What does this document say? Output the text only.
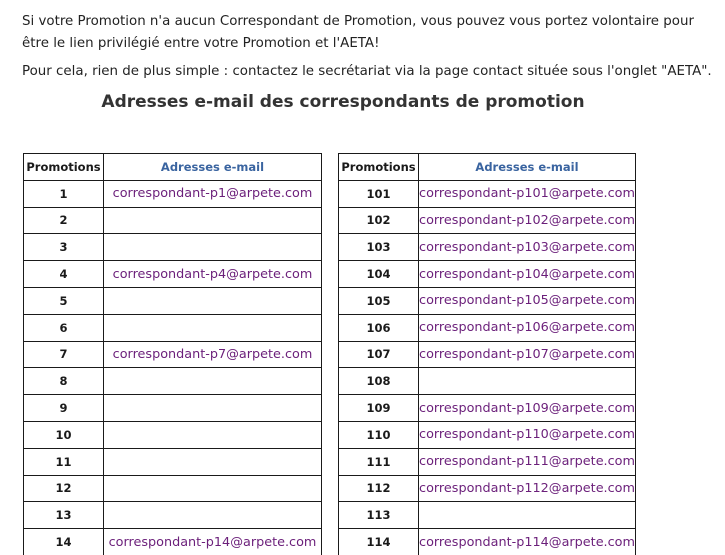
Si votre Promotion n'a aucun Correspondant de Promotion, vous pouvez vous portez volontaire pour être le lien privilégié entre votre Promotion et l'AETA!

Pour cela, rien de plus simple : contactez le secrétariat via la page contact située sous l'onglet "AETA".

Adresses e-mail des correspondants de promotion
Promotions	Adresses e-mail
1	correspondant-p1@arpete.com
2	
3	
4	correspondant-p4@arpete.com
5	
6	
7	correspondant-p7@arpete.com
8	
9	
10	
11	
12	
13	
14	correspondant-p14@arpete.com
Promotions	Adresses e-mail
101	correspondant-p101@arpete.com
102	correspondant-p102@arpete.com
103	correspondant-p103@arpete.com
104	correspondant-p104@arpete.com
105	correspondant-p105@arpete.com
106	correspondant-p106@arpete.com
107	correspondant-p107@arpete.com
108	
109	correspondant-p109@arpete.com
110	correspondant-p110@arpete.com
111	correspondant-p111@arpete.com
112	correspondant-p112@arpete.com
113	
114	correspondant-p114@arpete.com
